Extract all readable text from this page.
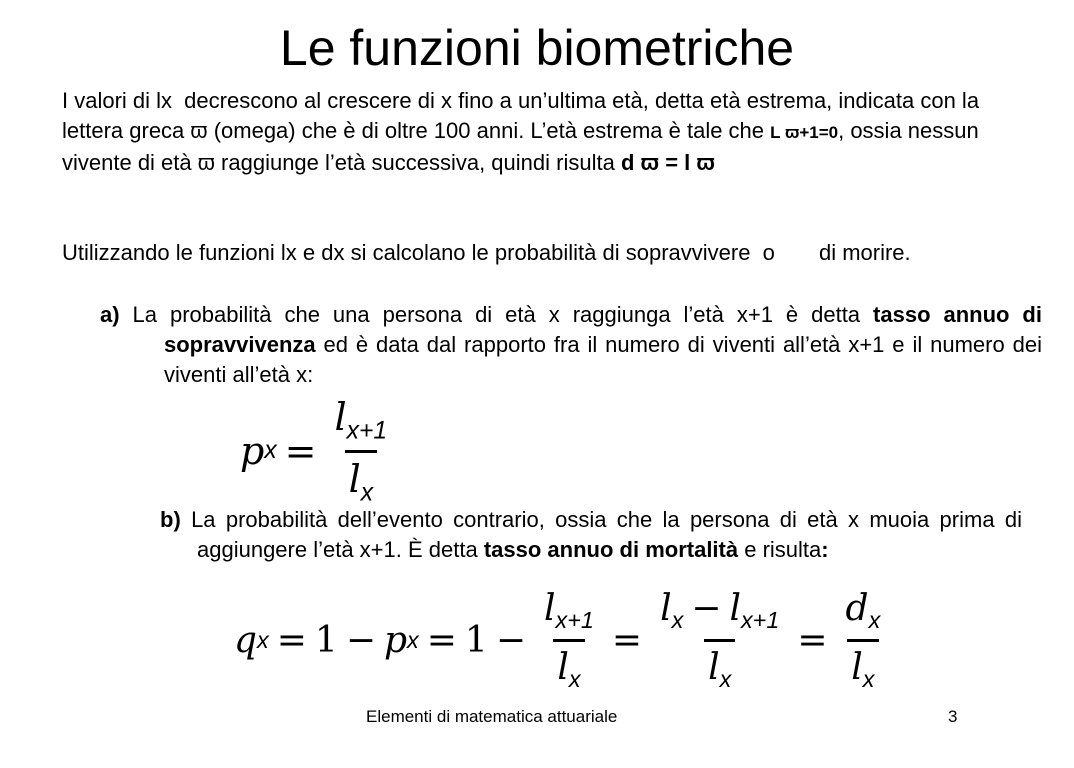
Le funzioni biometriche

I valori di lx decrescono al crescere di x fino a un’ultima età, detta età estrema, indicata con la lettera greca ϖ (omega) che è di oltre 100 anni. L’età estrema è tale che L ϖ+1=0, ossia nessun vivente di età ϖ raggiunge l’età successiva, quindi risulta d ϖ = l ϖ

Utilizzando le funzioni lx e dx si calcolano le probabilità di sopravvivere o di morire.

a) La probabilità che una persona di età x raggiunga l’età x+1 è detta tasso annuo di sopravvivenza ed è data dal rapporto fra il numero di viventi all’età x+1 e il numero dei viventi all’età x:
p $x = \frac{l_{x+1}}{l_x}$
b) La probabilità dell’evento contrario, ossia che la persona di età x muoia prima di aggiungere l’età x+1. È detta tasso annuo di mortalità e risulta:
q x = 1 − p $x = 1 - \frac{l_{x+1}}{l_x} = \frac{l_x - l_{x+1}}{l_x} = \frac{d_x}{l_x}$
Elementi di matematica attuariale	3
